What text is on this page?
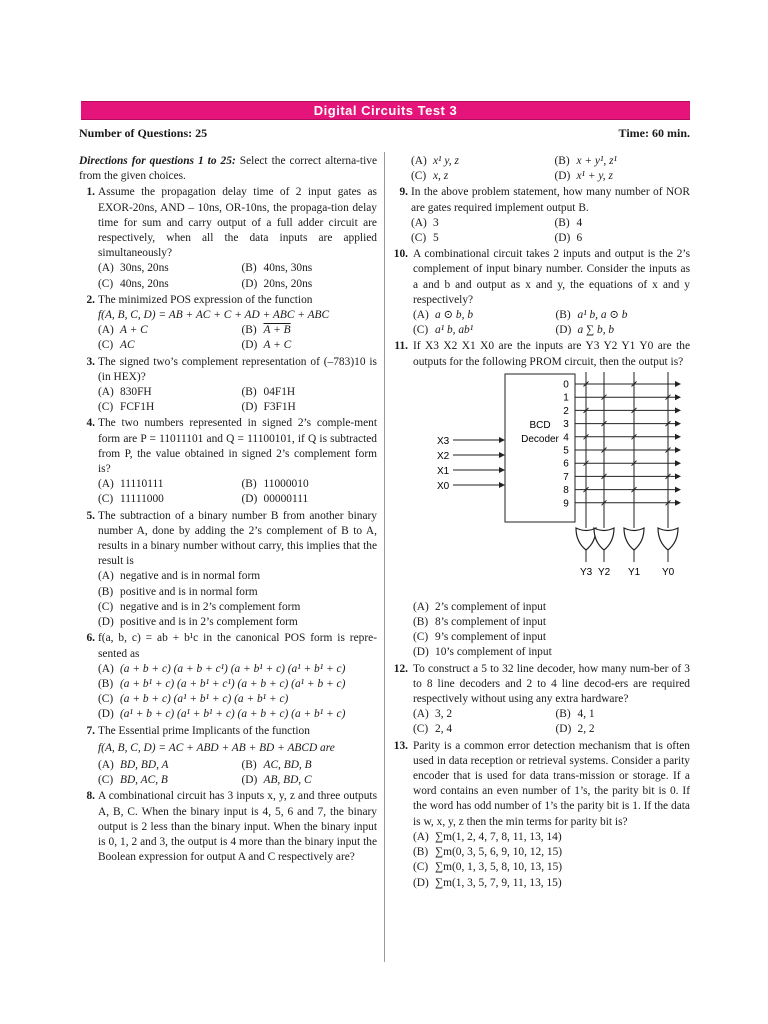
Digital Circuits Test 3
Number of Questions: 25	Time: 60 min.
Directions for questions 1 to 25: Select the correct alterna-tive from the given choices.
1. Assume the propagation delay time of 2 input gates as EXOR-20ns, AND – 10ns, OR-10ns, the propaga-tion delay time for sum and carry output of a full adder circuit are respectively, when all the data inputs are applied simultaneously?
(A) 30ns, 20ns	(B) 40ns, 30ns
(C) 40ns, 20ns	(D) 20ns, 20ns
2. The minimized POS expression of the function
f(A, B, C, D) = AB + AC + C + AD + ABC + ABC
(A) A + C	(B) A + B
(C) AC	(D) A + C
3. The signed two’s complement representation of (–783)10 is (in HEX)?
(A) 830FH	(B) 04F1H
(C) FCF1H	(D) F3F1H
4. The two numbers represented in signed 2’s comple-ment form are P = 11011101 and Q = 11100101, if Q is subtracted from P, the value obtained in signed 2’s complement form is?
(A) 11110111	(B) 11000010
(C) 11111000	(D) 00000111
5. The subtraction of a binary number B from another binary number A, done by adding the 2’s complement of B to A, results in a binary number without carry, this implies that the result is
(A) negative and is in normal form
(B) positive and is in normal form
(C) negative and is in 2’s complement form
(D) positive and is in 2’s complement form
6. f(a, b, c) = ab + b¹c in the canonical POS form is repre-sented as
(A) (a + b + c) (a + b + c¹) (a + b¹ + c) (a¹ + b¹ + c)
(B) (a + b¹ + c) (a + b¹ + c¹) (a + b + c) (a¹ + b + c)
(C) (a + b + c) (a¹ + b¹ + c) (a + b¹ + c)
(D) (a¹ + b + c) (a¹ + b¹ + c) (a + b + c) (a + b¹ + c)
7. The Essential prime Implicants of the function
f(A, B, C, D) = AC + ABD + AB + BD + ABCD are
(A) BD, BD, A	(B) AC, BD, B
(C) BD, AC, B	(D) AB, BD, C
8. A combinational circuit has 3 inputs x, y, z and three outputs A, B, C. When the binary input is 4, 5, 6 and 7, the binary output is 2 less than the binary input. When the binary input is 0, 1, 2 and 3, the output is 4 more than the binary input the Boolean expression for output A and C respectively are?
(A) x¹ y, z	(B) x + y¹, z¹
(C) x, z	(D) x¹ + y, z
9. In the above problem statement, how many number of NOR are gates required implement output B.
(A) 3	(B) 4
(C) 5	(D) 6
10. A combinational circuit takes 2 inputs and output is the 2’s complement of input binary number. Consider the inputs as a and b and output as x and y, the equations of x and y respectively?
(A) a ⊙ b, b	(B) a¹ b, a ⊙ b
(C) a¹ b, ab¹	(D) a ∑ b, b
11. If X3 X2 X1 X0 are the inputs are Y3 Y2 Y1 Y0 are the outputs for the following PROM circuit, then the output is?
BCD
Decoder
X3
X2
X1
X0
0
1
2
3
4
5
6
7
8
9
Y3 Y2 Y1 Y0
(A) 2’s complement of input
(B) 8’s complement of input
(C) 9’s complement of input
(D) 10’s complement of input
12. To construct a 5 to 32 line decoder, how many num-ber of 3 to 8 line decoders and 2 to 4 line decod-ers are required respectively without using any extra hardware?
(A) 3, 2	(B) 4, 1
(C) 2, 4	(D) 2, 2
13. Parity is a common error detection mechanism that is often used in data reception or retrieval systems. Consider a parity encoder that is used for data trans-mission or storage. If a word contains an even number of 1’s, the parity bit is 0. If the word has odd number of 1’s the parity bit is 1. If the data is w, x, y, z then the min terms for parity bit is?
(A) ∑m(1, 2, 4, 7, 8, 11, 13, 14)
(B) ∑m(0, 3, 5, 6, 9, 10, 12, 15)
(C) ∑m(0, 1, 3, 5, 8, 10, 13, 15)
(D) ∑m(1, 3, 5, 7, 9, 11, 13, 15)
